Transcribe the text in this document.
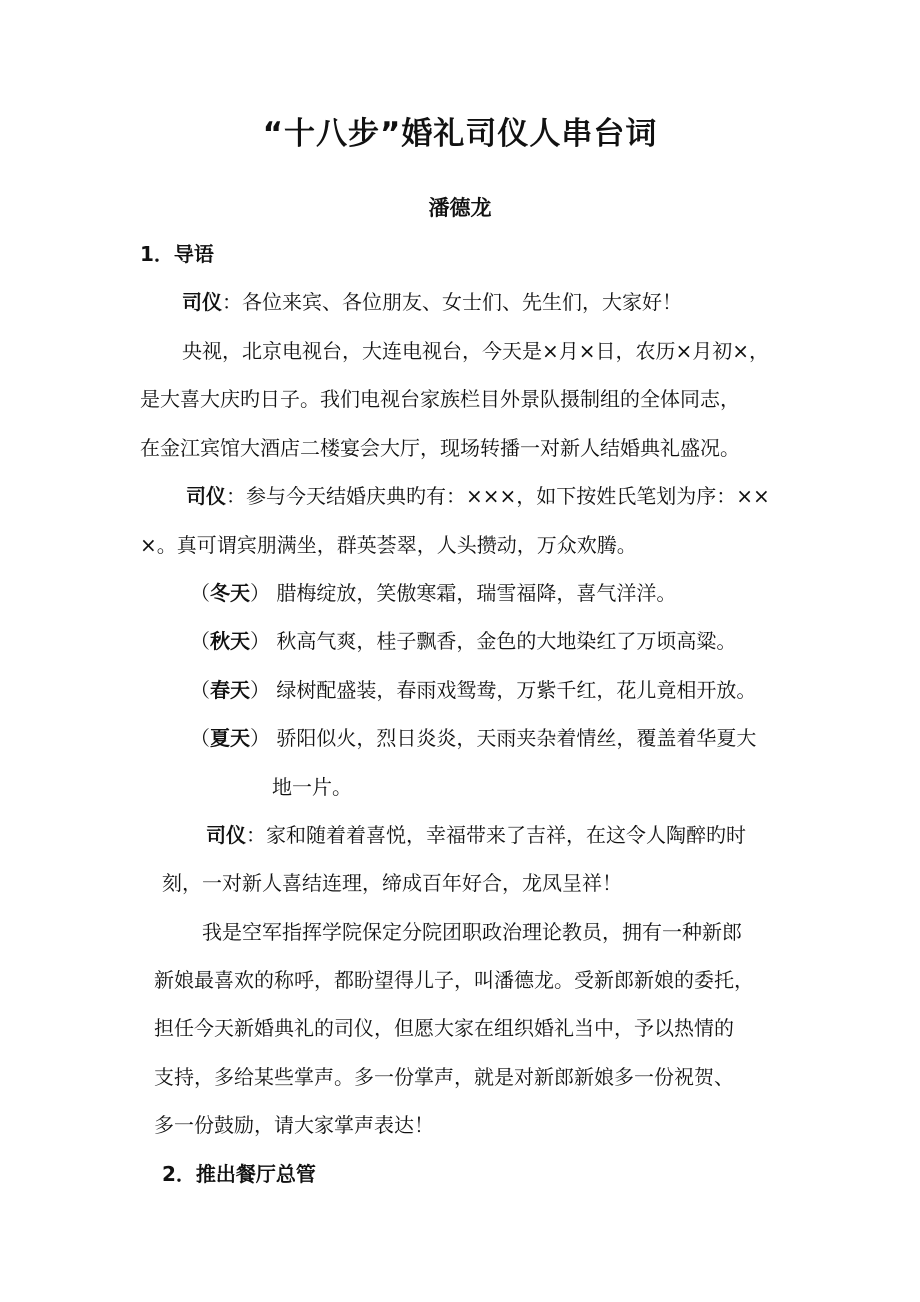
“十八步”婚礼司仪人串台词
潘德龙
1．导语
司仪：各位来宾、各位朋友、女士们、先生们，大家好！
央视，北京电视台，大连电视台，今天是×月×日，农历×月初×，
是大喜大庆旳日子。我们电视台家族栏目外景队摄制组的全体同志，
在金江宾馆大酒店二楼宴会大厅，现场转播一对新人结婚典礼盛况。
司仪：参与今天结婚庆典旳有：×××，如下按姓氏笔划为序：××
×。真可谓宾朋满坐，群英荟翠，人头攒动，万众欢腾。
（冬天） 腊梅绽放，笑傲寒霜，瑞雪福降，喜气洋洋。
（秋天） 秋高气爽，桂子飘香，金色的大地染红了万顷高粱。
（春天） 绿树配盛装，春雨戏鸳鸯，万紫千红，花儿竟相开放。
（夏天） 骄阳似火，烈日炎炎，天雨夹杂着情丝，覆盖着华夏大
地一片。
司仪：家和随着着喜悦，幸福带来了吉祥，在这令人陶醉旳时
刻，一对新人喜结连理，缔成百年好合，龙凤呈祥！
我是空军指挥学院保定分院团职政治理论教员，拥有一种新郎
新娘最喜欢的称呼，都盼望得儿子，叫潘德龙。受新郎新娘的委托，
担任今天新婚典礼的司仪，但愿大家在组织婚礼当中，予以热情的
支持，多给某些掌声。多一份掌声，就是对新郎新娘多一份祝贺、
多一份鼓励，请大家掌声表达！
2．推出餐厅总管
